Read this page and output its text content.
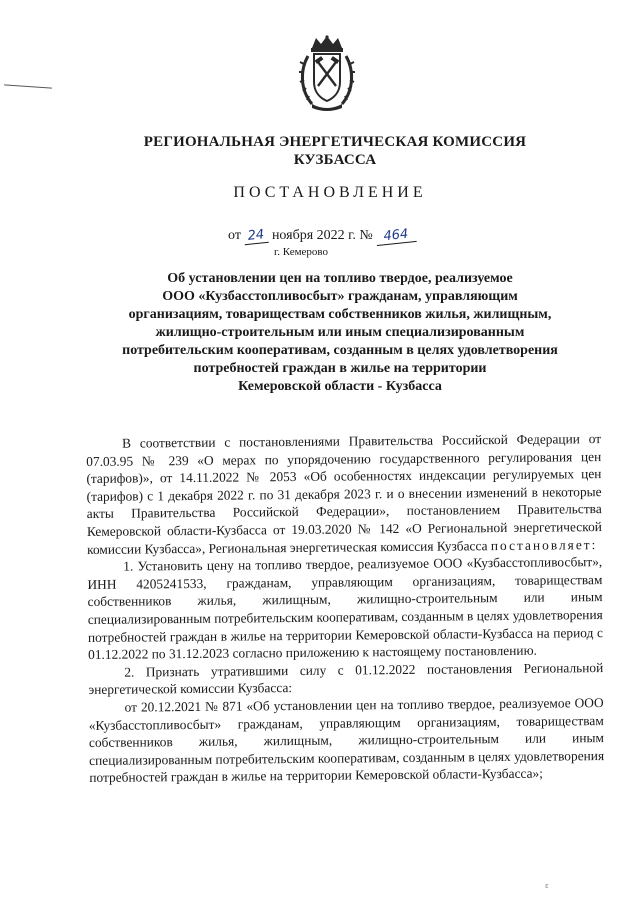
РЕГИОНАЛЬНАЯ ЭНЕРГЕТИЧЕСКАЯ КОМИССИЯ
КУЗБАССА
ПОСТАНОВЛЕНИЕ
от 24 ноября 2022 г. № 464
г. Кемерово
Об установлении цен на топливо твердое, реализуемое
ООО «Кузбасстопливосбыт» гражданам, управляющим
организациям, товариществам собственников жилья, жилищным,
жилищно-строительным или иным специализированным
потребительским кооперативам, созданным в целях удовлетворения
потребностей граждан в жилье на территории
Кемеровской области - Кузбасса

В соответствии с постановлениями Правительства Российской Федерации от 07.03.95 № 239 «О мерах по упорядочению государственного регулирования цен (тарифов)», от 14.11.2022 № 2053 «Об особенностях индексации регулируемых цен (тарифов) с 1 декабря 2022 г. по 31 декабря 2023 г. и о внесении изменений в некоторые акты Правительства Российской Федерации», постановлением Правительства Кемеровской области-Кузбасса от 19.03.2020 № 142 «О Региональной энергетической комиссии Кузбасса», Региональная энергетическая комиссия Кузбасса постановляет:

1. Установить цену на топливо твердое, реализуемое ООО «Кузбасстопливосбыт», ИНН 4205241533, гражданам, управляющим организациям, товариществам собственников жилья, жилищным, жилищно-строительным или иным специализированным потребительским кооперативам, созданным в целях удовлетворения потребностей граждан в жилье на территории Кемеровской области-Кузбасса на период с 01.12.2022 по 31.12.2023 согласно приложению к настоящему постановлению.

2. Признать утратившими силу с 01.12.2022 постановления Региональной энергетической комиссии Кузбасса:

от 20.12.2021 № 871 «Об установлении цен на топливо твердое, реализуемое ООО «Кузбасстопливосбыт» гражданам, управляющим организациям, товариществам собственников жилья, жилищным, жилищно-строительным или иным специализированным потребительским кооперативам, созданным в целях удовлетворения потребностей граждан в жилье на территории Кемеровской области-Кузбасса»;

ε
